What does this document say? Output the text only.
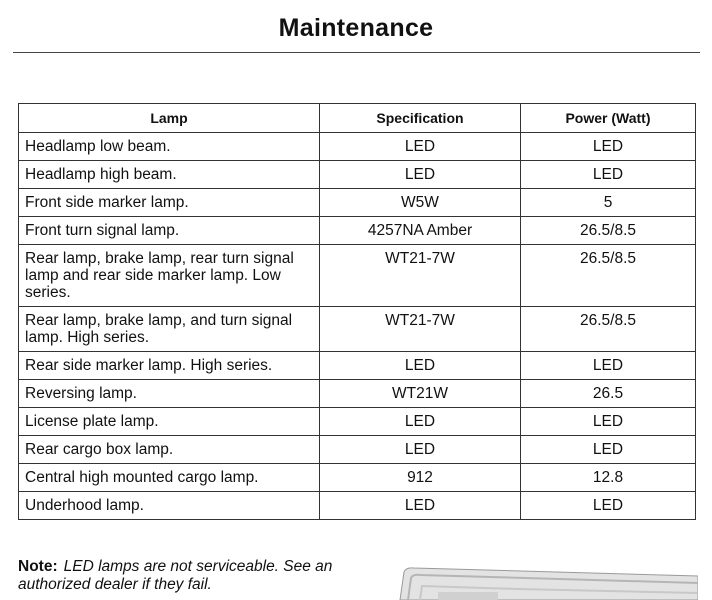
Maintenance
Lamp	Specification	Power (Watt)
Headlamp low beam.	LED	LED
Headlamp high beam.	LED	LED
Front side marker lamp.	W5W	5
Front turn signal lamp.	4257NA Amber	26.5/8.5
Rear lamp, brake lamp, rear turn signal lamp and rear side marker lamp. Low series.	WT21-7W	26.5/8.5
Rear lamp, brake lamp, and turn signal lamp. High series.	WT21-7W	26.5/8.5
Rear side marker lamp. High series.	LED	LED
Reversing lamp.	WT21W	26.5
License plate lamp.	LED	LED
Rear cargo box lamp.	LED	LED
Central high mounted cargo lamp.	912	12.8
Underhood lamp.	LED	LED
Note: LED lamps are not serviceable. See an authorized dealer if they fail.
